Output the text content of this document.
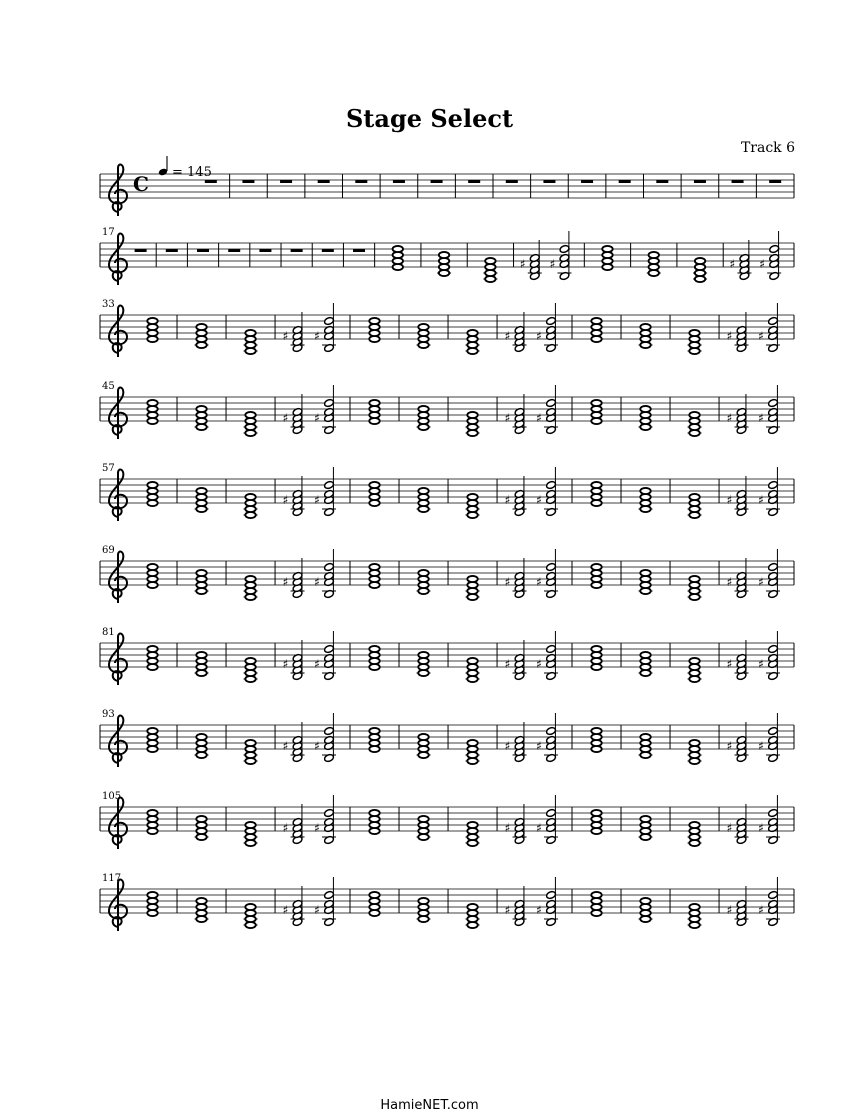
Stage Select
Track 6
= 145
C
17
♯ ♯	♯ ♯
33
♯ ♯	♯ ♯	♯ ♯
45
♯ ♯	♯ ♯	♯ ♯
57
♯ ♯	♯ ♯	♯ ♯
69
♯ ♯	♯ ♯	♯ ♯
81
♯ ♯	♯ ♯	♯ ♯
93
♯ ♯	♯ ♯	♯ ♯
105
♯ ♯	♯ ♯	♯ ♯
117
♯ ♯	♯ ♯	♯ ♯
HamieNET.com
